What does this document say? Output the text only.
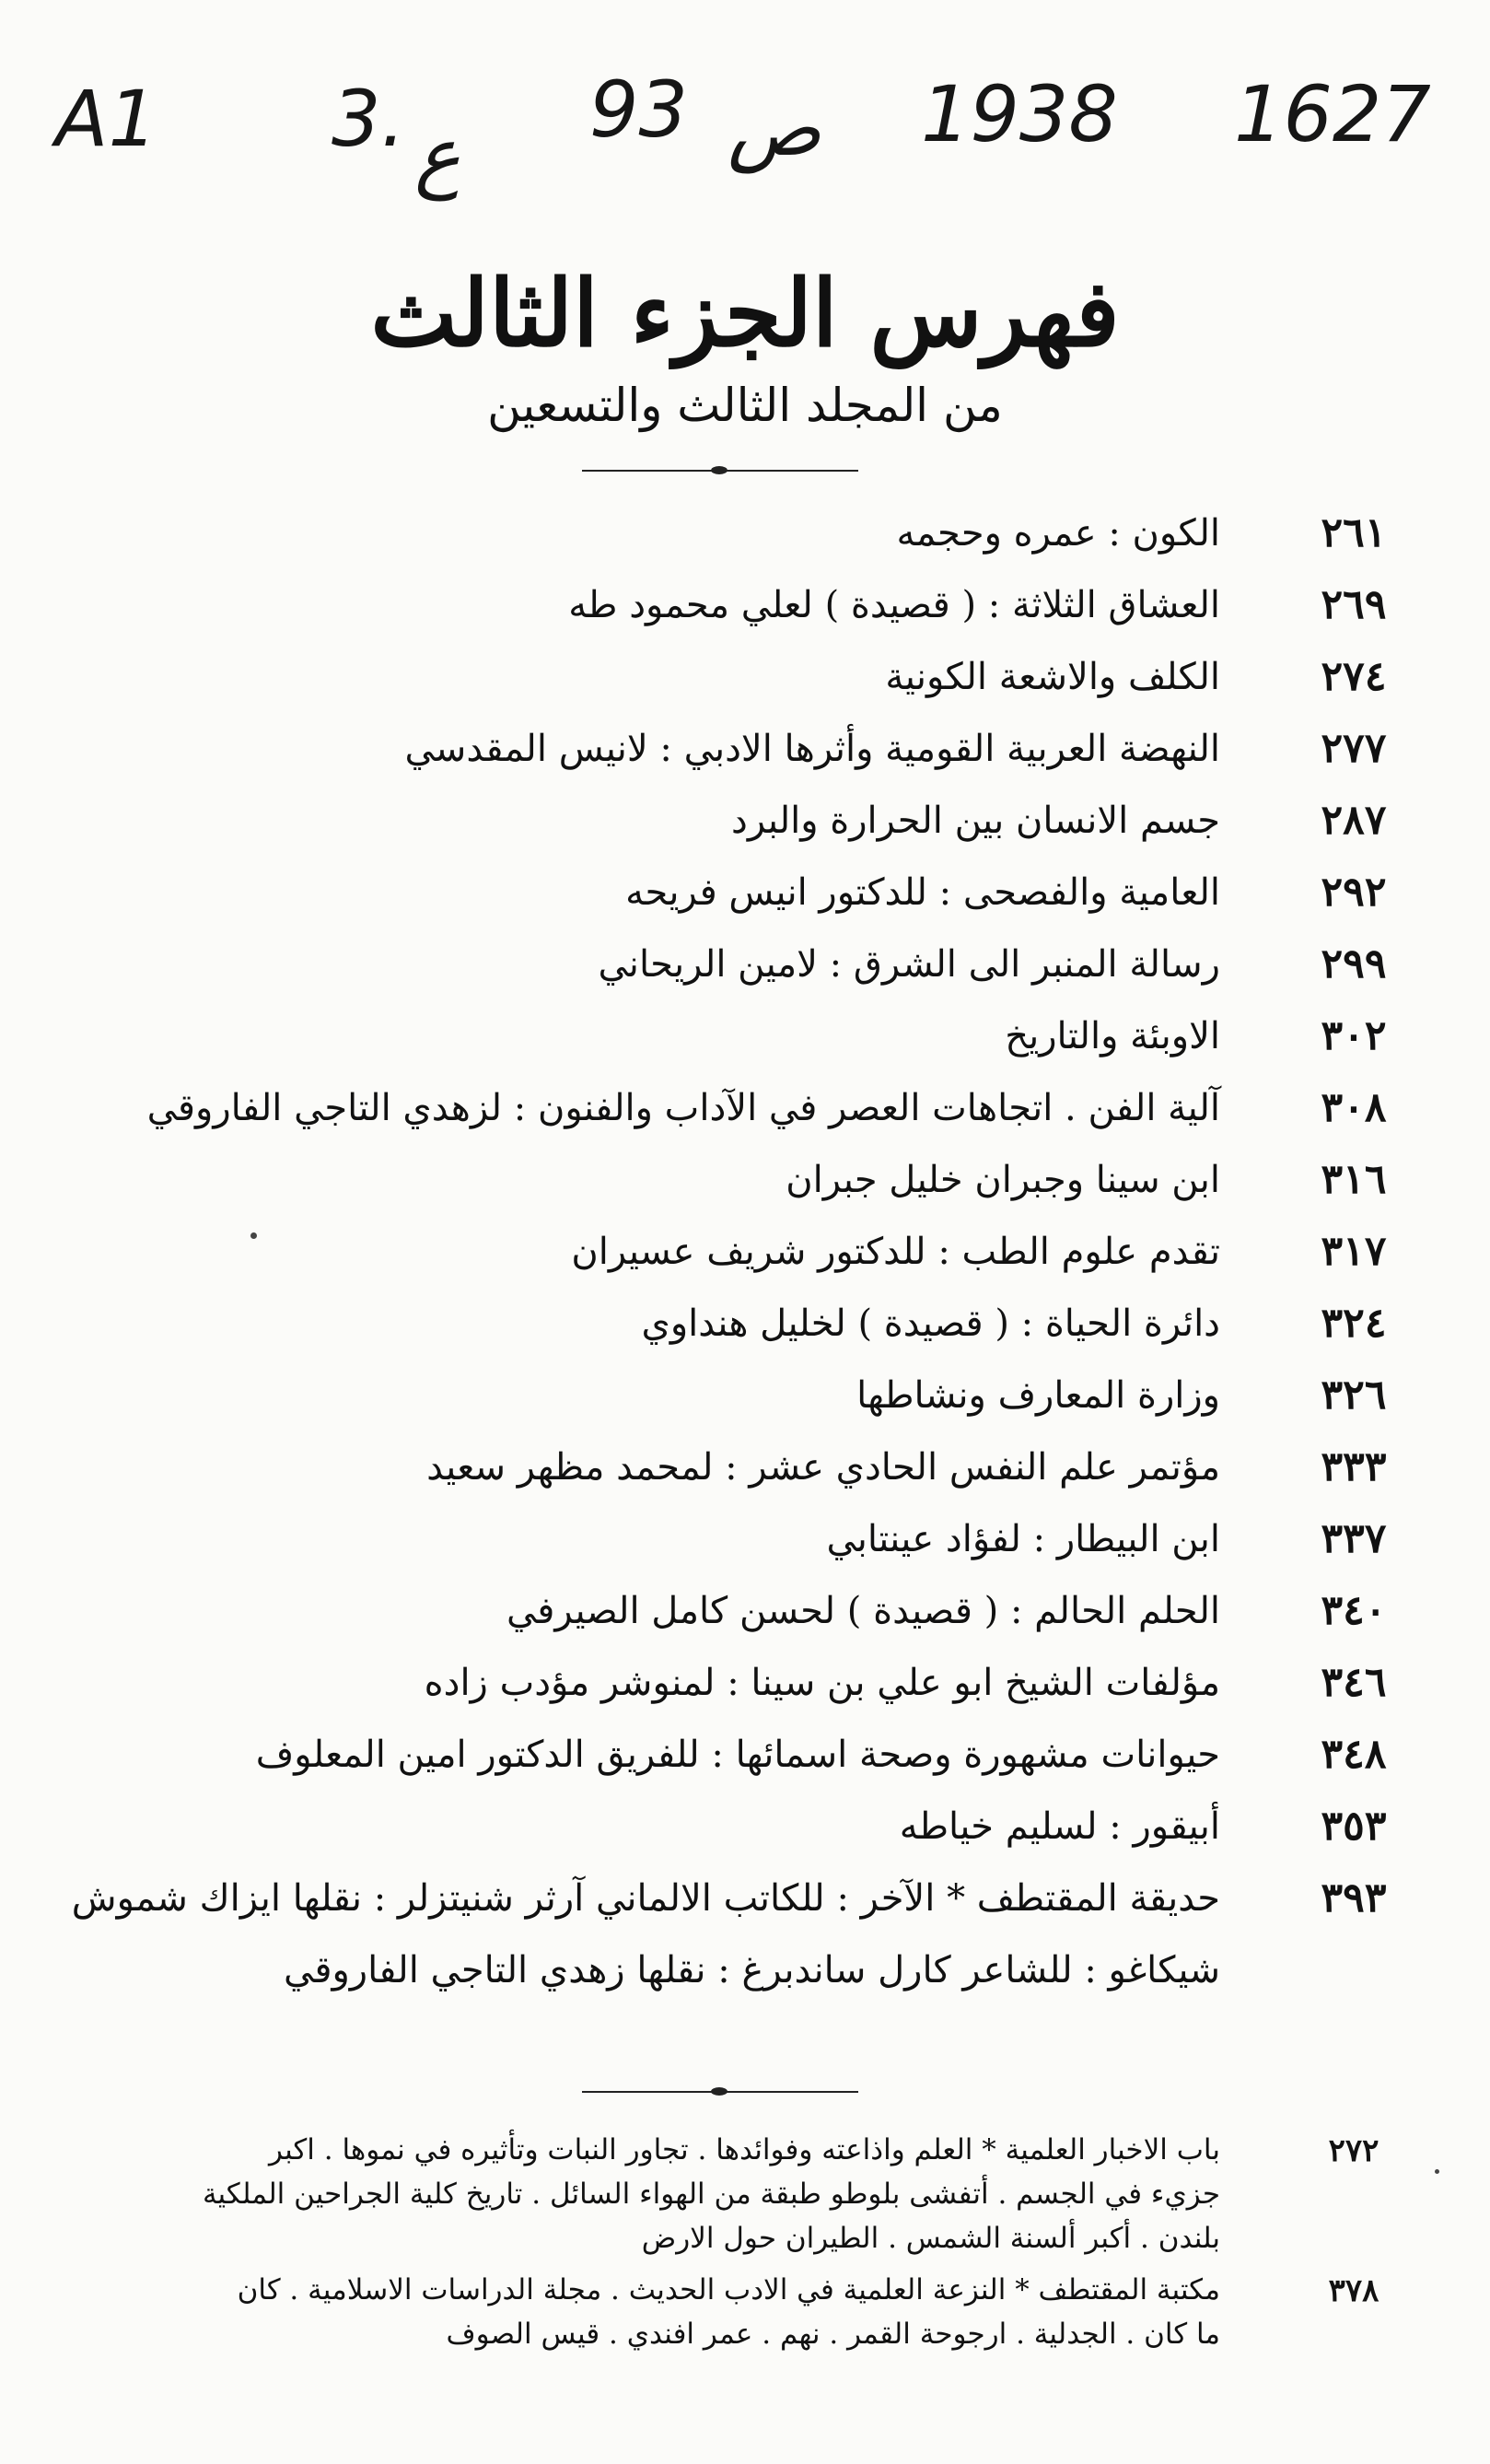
A1 3. ع
93 ص 1938 1627
فهرس الجزء الثالث
من المجلد الثالث والتسعين
٢٦١
الكون : عمره وحجمه
٢٦٩
العشاق الثلاثة : ( قصيدة ) لعلي محمود طه
٢٧٤
الكلف والاشعة الكونية
٢٧٧
النهضة العربية القومية وأثرها الادبي : لانيس المقدسي
٢٨٧
جسم الانسان بين الحرارة والبرد
٢٩٢
العامية والفصحى : للدكتور انيس فريحه
٢٩٩
رسالة المنبر الى الشرق : لامين الريحاني
٣٠٢
الاوبئة والتاريخ
٣٠٨
آلية الفن . اتجاهات العصر في الآداب والفنون : لزهدي التاجي الفاروقي
٣١٦
ابن سينا وجبران خليل جبران
٣١٧
تقدم علوم الطب : للدكتور شريف عسيران
٣٢٤
دائرة الحياة : ( قصيدة ) لخليل هنداوي
٣٢٦
وزارة المعارف ونشاطها
٣٣٣
مؤتمر علم النفس الحادي عشر : لمحمد مظهر سعيد
٣٣٧
ابن البيطار : لفؤاد عينتابي
٣٤٠
الحلم الحالم : ( قصيدة ) لحسن كامل الصيرفي
٣٤٦
مؤلفات الشيخ ابو علي بن سينا : لمنوشر مؤدب زاده
٣٤٨
حيوانات مشهورة وصحة اسمائها : للفريق الدكتور امين المعلوف
٣٥٣
أبيقور : لسليم خياطه
٣٩٣
حديقة المقتطف * الآخر : للكاتب الالماني آرثر شنيتزلر : نقلها ايزاك شموش
شيكاغو : للشاعر كارل ساندبرغ : نقلها زهدي التاجي الفاروقي
٢٧٢
باب الاخبار العلمية * العلم واذاعته وفوائدها . تجاور النبات وتأثيره في نموها . اكبر
جزيء في الجسم . أتفشى بلوطو طبقة من الهواء السائل . تاريخ كلية الجراحين الملكية
بلندن . أكبر ألسنة الشمس . الطيران حول الارض
٣٧٨
مكتبة المقتطف * النزعة العلمية في الادب الحديث . مجلة الدراسات الاسلامية . كان
ما كان . الجدلية . ارجوحة القمر . نهم . عمر افندي . قيس الصوف
